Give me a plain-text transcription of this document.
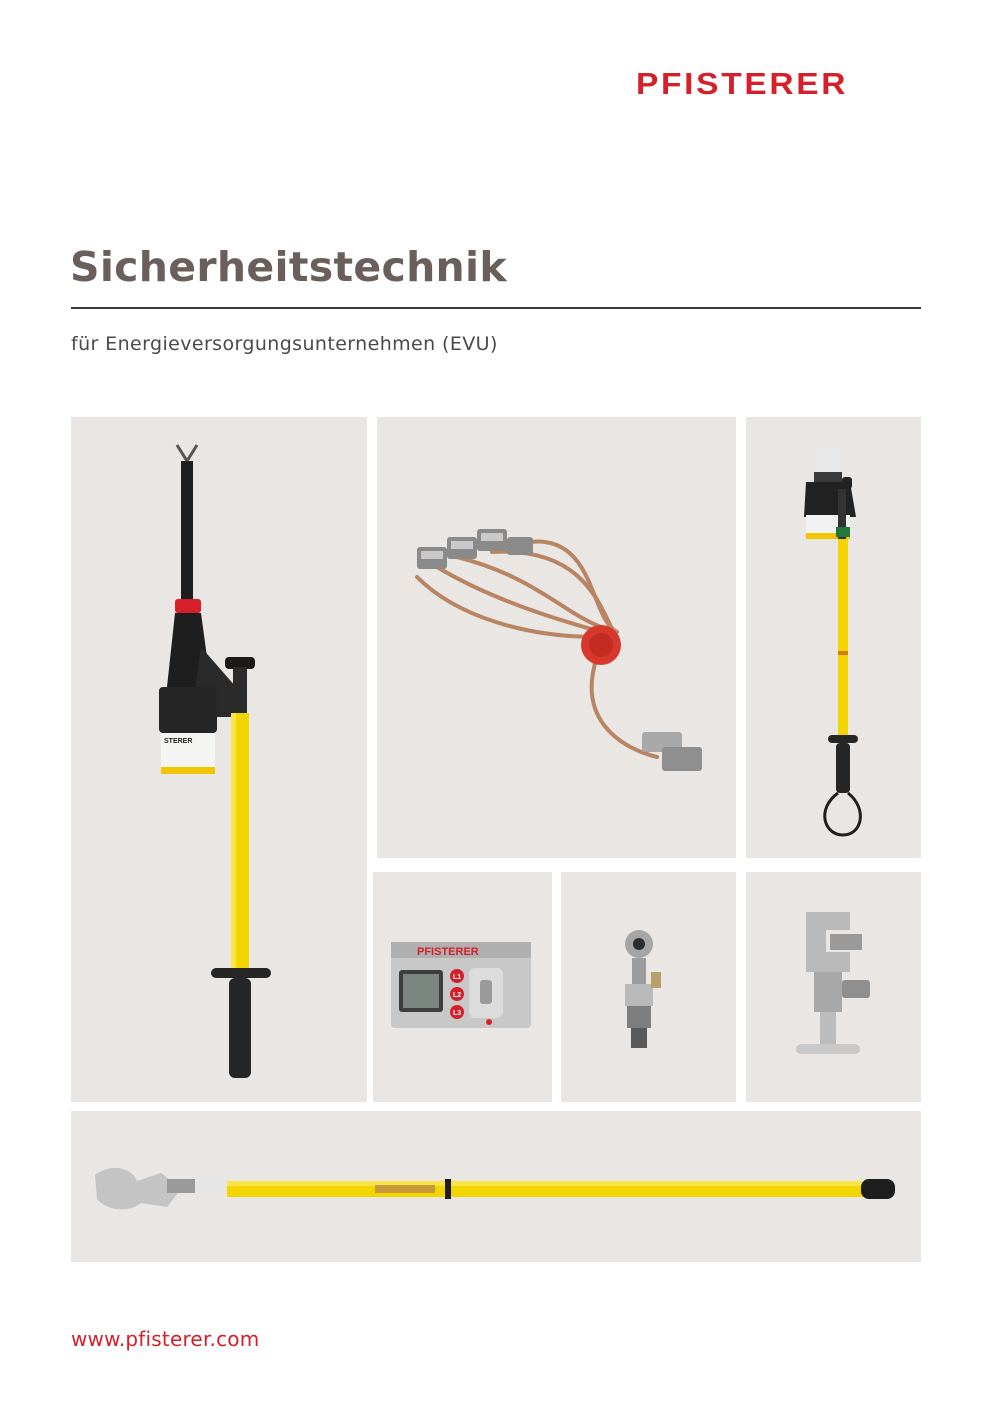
PFISTERER
Sicherheitstechnik
für Energieversorgungsunternehmen (EVU)
STERER
PFISTERER
L1
L2
L3
www.pfisterer.com
